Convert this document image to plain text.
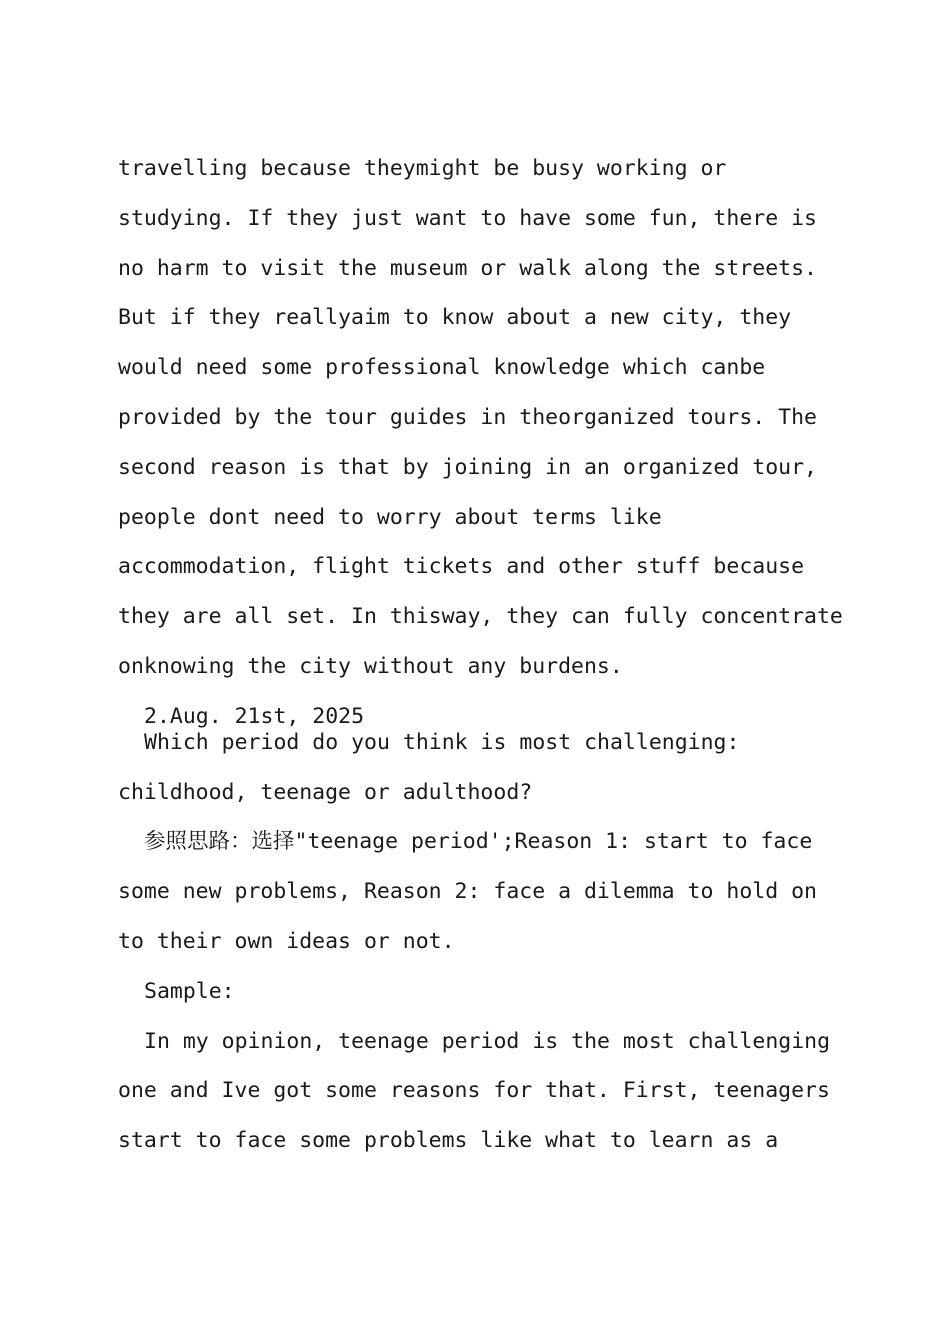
travelling because theymight be busy working or
studying. If they just want to have some fun, there is
no harm to visit the museum or walk along the streets.
But if they reallyaim to know about a new city, they
would need some professional knowledge which canbe
provided by the tour guides in theorganized tours. The
second reason is that by joining in an organized tour,
people dont need to worry about terms like
accommodation, flight tickets and other stuff because
they are all set. In thisway, they can fully concentrate
onknowing the city without any burdens.
2.Aug. 21st, 2025
Which period do you think is most challenging:
childhood, teenage or adulthood?
参照思路：选择"teenage period';Reason 1: start to face
some new problems, Reason 2: face a dilemma to hold on
to their own ideas or not.
Sample:
In my opinion, teenage period is the most challenging
one and Ive got some reasons for that. First, teenagers
start to face some problems like what to learn as a
